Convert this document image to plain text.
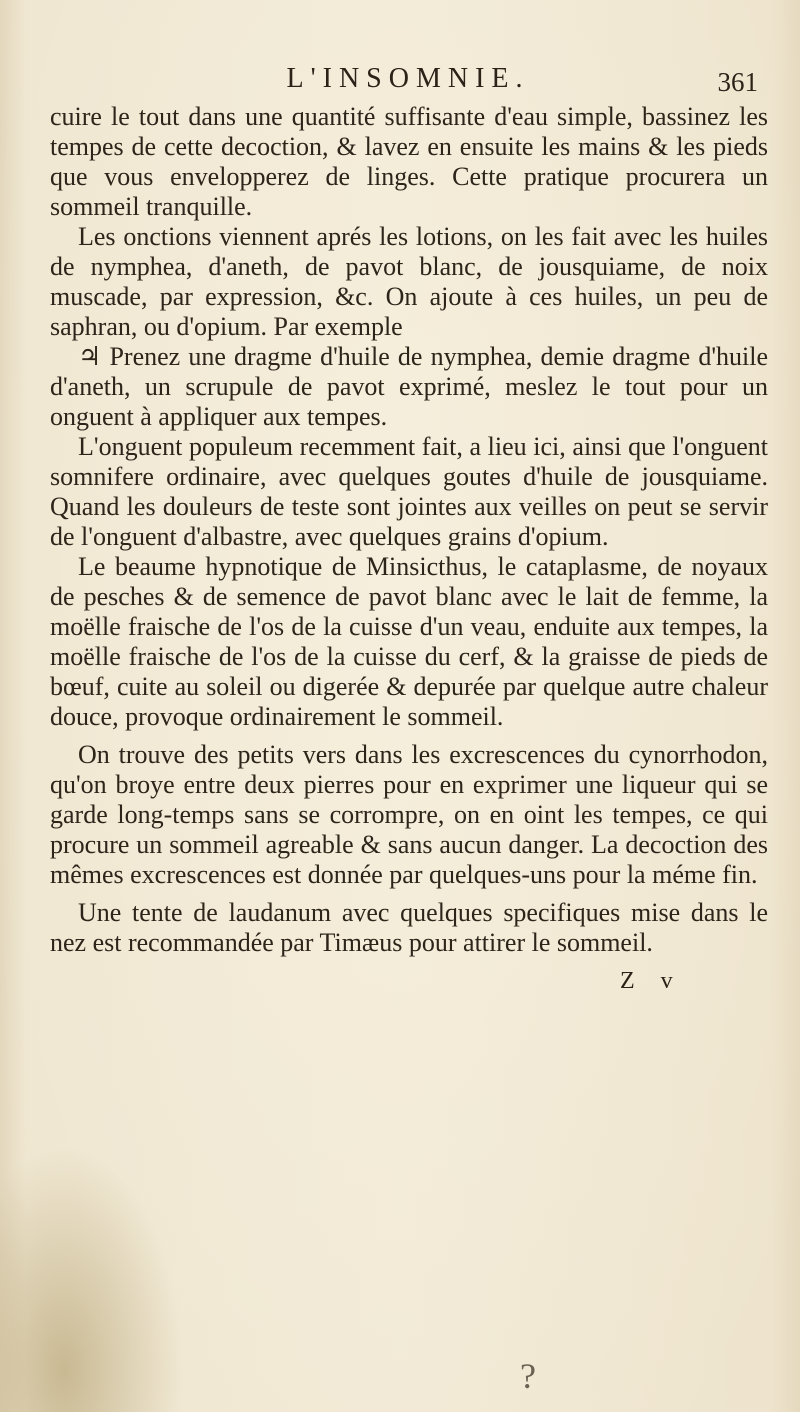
L'INSOMNIE.	361

cuire le tout dans une quantité suffisante d'eau simple, bassinez les tempes de cette decoction, & lavez en ensuite les mains & les pieds que vous envelopperez de linges. Cette pratique procurera un sommeil tranquille.

Les onctions viennent aprés les lotions, on les fait avec les huiles de nymphea, d'aneth, de pavot blanc, de jousquiame, de noix muscade, par expression, &c. On ajoute à ces huiles, un peu de saphran, ou d'opium. Par exemple

♃ Prenez une dragme d'huile de nymphea, demie dragme d'huile d'aneth, un scrupule de pavot exprimé, meslez le tout pour un onguent à appliquer aux tempes.

L'onguent populeum recemment fait, a lieu ici, ainsi que l'onguent somnifere ordinaire, avec quelques goutes d'huile de jousquiame. Quand les douleurs de teste sont jointes aux veilles on peut se servir de l'onguent d'albastre, avec quelques grains d'opium.

Le beaume hypnotique de Minsicthus, le cataplasme, de noyaux de pesches & de semence de pavot blanc avec le lait de femme, la moëlle fraische de l'os de la cuisse d'un veau, enduite aux tempes, la moëlle fraische de l'os de la cuisse du cerf, & la graisse de pieds de bœuf, cuite au soleil ou digerée & depurée par quelque autre chaleur douce, provoque ordinairement le sommeil.

On trouve des petits vers dans les excrescences du cynorrhodon, qu'on broye entre deux pierres pour en exprimer une liqueur qui se garde long-temps sans se corrompre, on en oint les tempes, ce qui procure un sommeil agreable & sans aucun danger. La decoction des mêmes excrescences est donnée par quelques-uns pour la méme fin.

Une tente de laudanum avec quelques specifiques mise dans le nez est recommandée par Timæus pour attirer le sommeil.

Z v
?
